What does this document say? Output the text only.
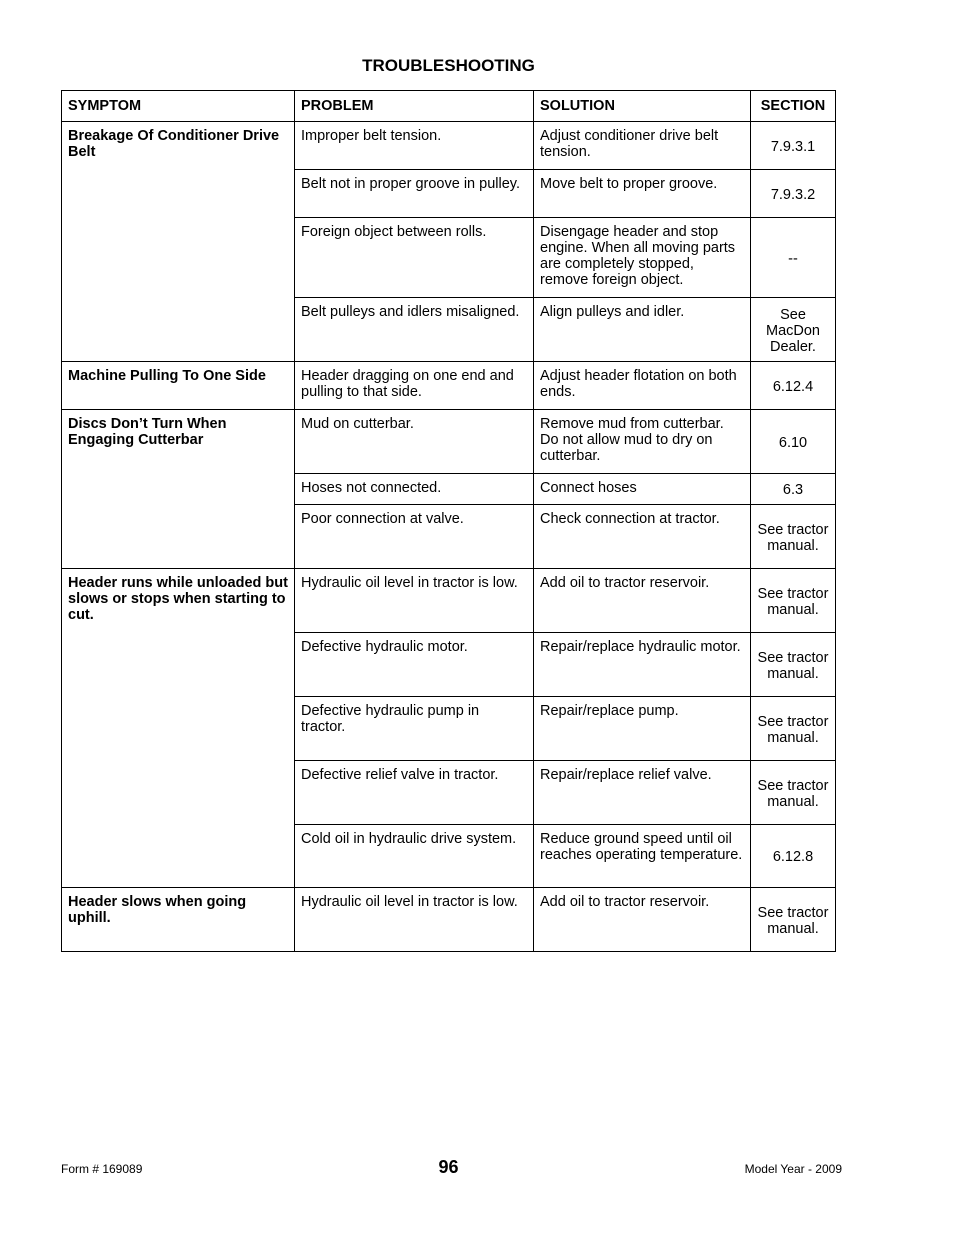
TROUBLESHOOTING
SYMPTOM	PROBLEM	SOLUTION	SECTION
Breakage Of Conditioner Drive Belt	Improper belt tension.	Adjust conditioner drive belt tension.	7.9.3.1
	Belt not in proper groove in pulley.	Move belt to proper groove.	7.9.3.2
	Foreign object between rolls.	Disengage header and stop engine. When all moving parts are completely stopped, remove foreign object.	--
	Belt pulleys and idlers misaligned.	Align pulleys and idler.	See MacDon Dealer.
Machine Pulling To One Side	Header dragging on one end and pulling to that side.	Adjust header flotation on both ends.	6.12.4
Discs Don’t Turn When Engaging Cutterbar	Mud on cutterbar.	Remove mud from cutterbar. Do not allow mud to dry on cutterbar.	6.10
	Hoses not connected.	Connect hoses	6.3
	Poor connection at valve.	Check connection at tractor.	See tractor manual.
Header runs while unloaded but slows or stops when starting to cut.	Hydraulic oil level in tractor is low.	Add oil to tractor reservoir.	See tractor manual.
	Defective hydraulic motor.	Repair/replace hydraulic motor.	See tractor manual.
	Defective hydraulic pump in tractor.	Repair/replace pump.	See tractor manual.
	Defective relief valve in tractor.	Repair/replace relief valve.	See tractor manual.
	Cold oil in hydraulic drive system.	Reduce ground speed until oil reaches operating temperature.	6.12.8
Header slows when going uphill.	Hydraulic oil level in tractor is low.	Add oil to tractor reservoir.	See tractor manual.
Form # 169089	96	Model Year - 2009
